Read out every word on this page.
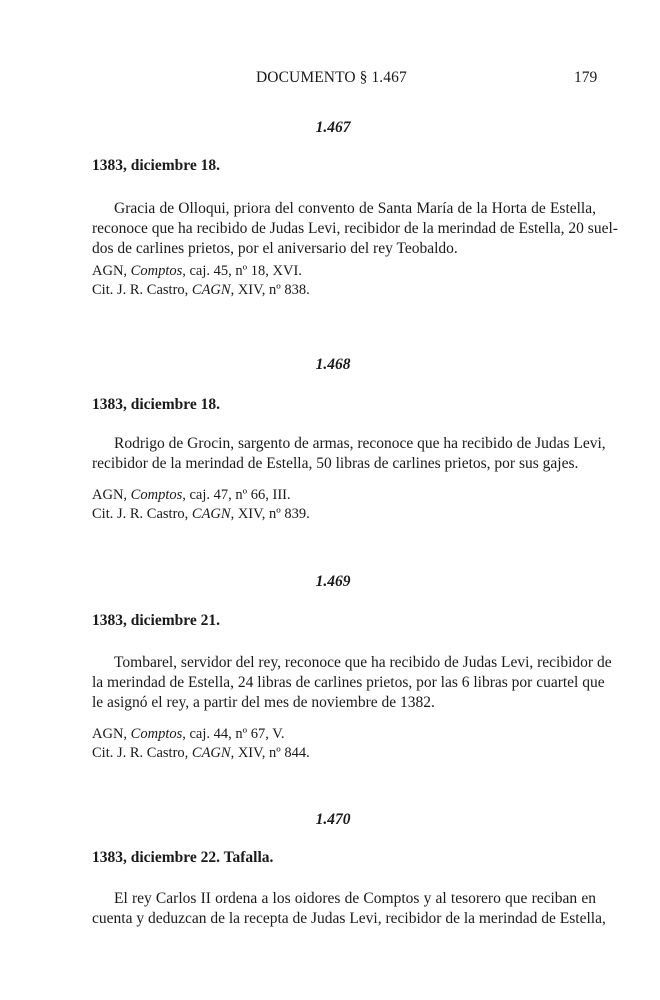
DOCUMENTO § 1.467	179
1.467
1383, diciembre 18.
Gracia de Olloqui, priora del convento de Santa María de la Horta de Estella,
reconoce que ha recibido de Judas Levi, recibidor de la merindad de Estella, 20 suel-
dos de carlines prietos, por el aniversario del rey Teobaldo.
AGN, Comptos, caj. 45, nº 18, XVI.
Cit. J. R. Castro, CAGN, XIV, nº 838.
1.468
1383, diciembre 18.
Rodrigo de Grocin, sargento de armas, reconoce que ha recibido de Judas Levi,
recibidor de la merindad de Estella, 50 libras de carlines prietos, por sus gajes.
AGN, Comptos, caj. 47, nº 66, III.
Cit. J. R. Castro, CAGN, XIV, nº 839.
1.469
1383, diciembre 21.
Tombarel, servidor del rey, reconoce que ha recibido de Judas Levi, recibidor de
la merindad de Estella, 24 libras de carlines prietos, por las 6 libras por cuartel que
le asignó el rey, a partir del mes de noviembre de 1382.
AGN, Comptos, caj. 44, nº 67, V.
Cit. J. R. Castro, CAGN, XIV, nº 844.
1.470
1383, diciembre 22. Tafalla.
El rey Carlos II ordena a los oidores de Comptos y al tesorero que reciban en
cuenta y deduzcan de la recepta de Judas Levi, recibidor de la merindad de Estella,
